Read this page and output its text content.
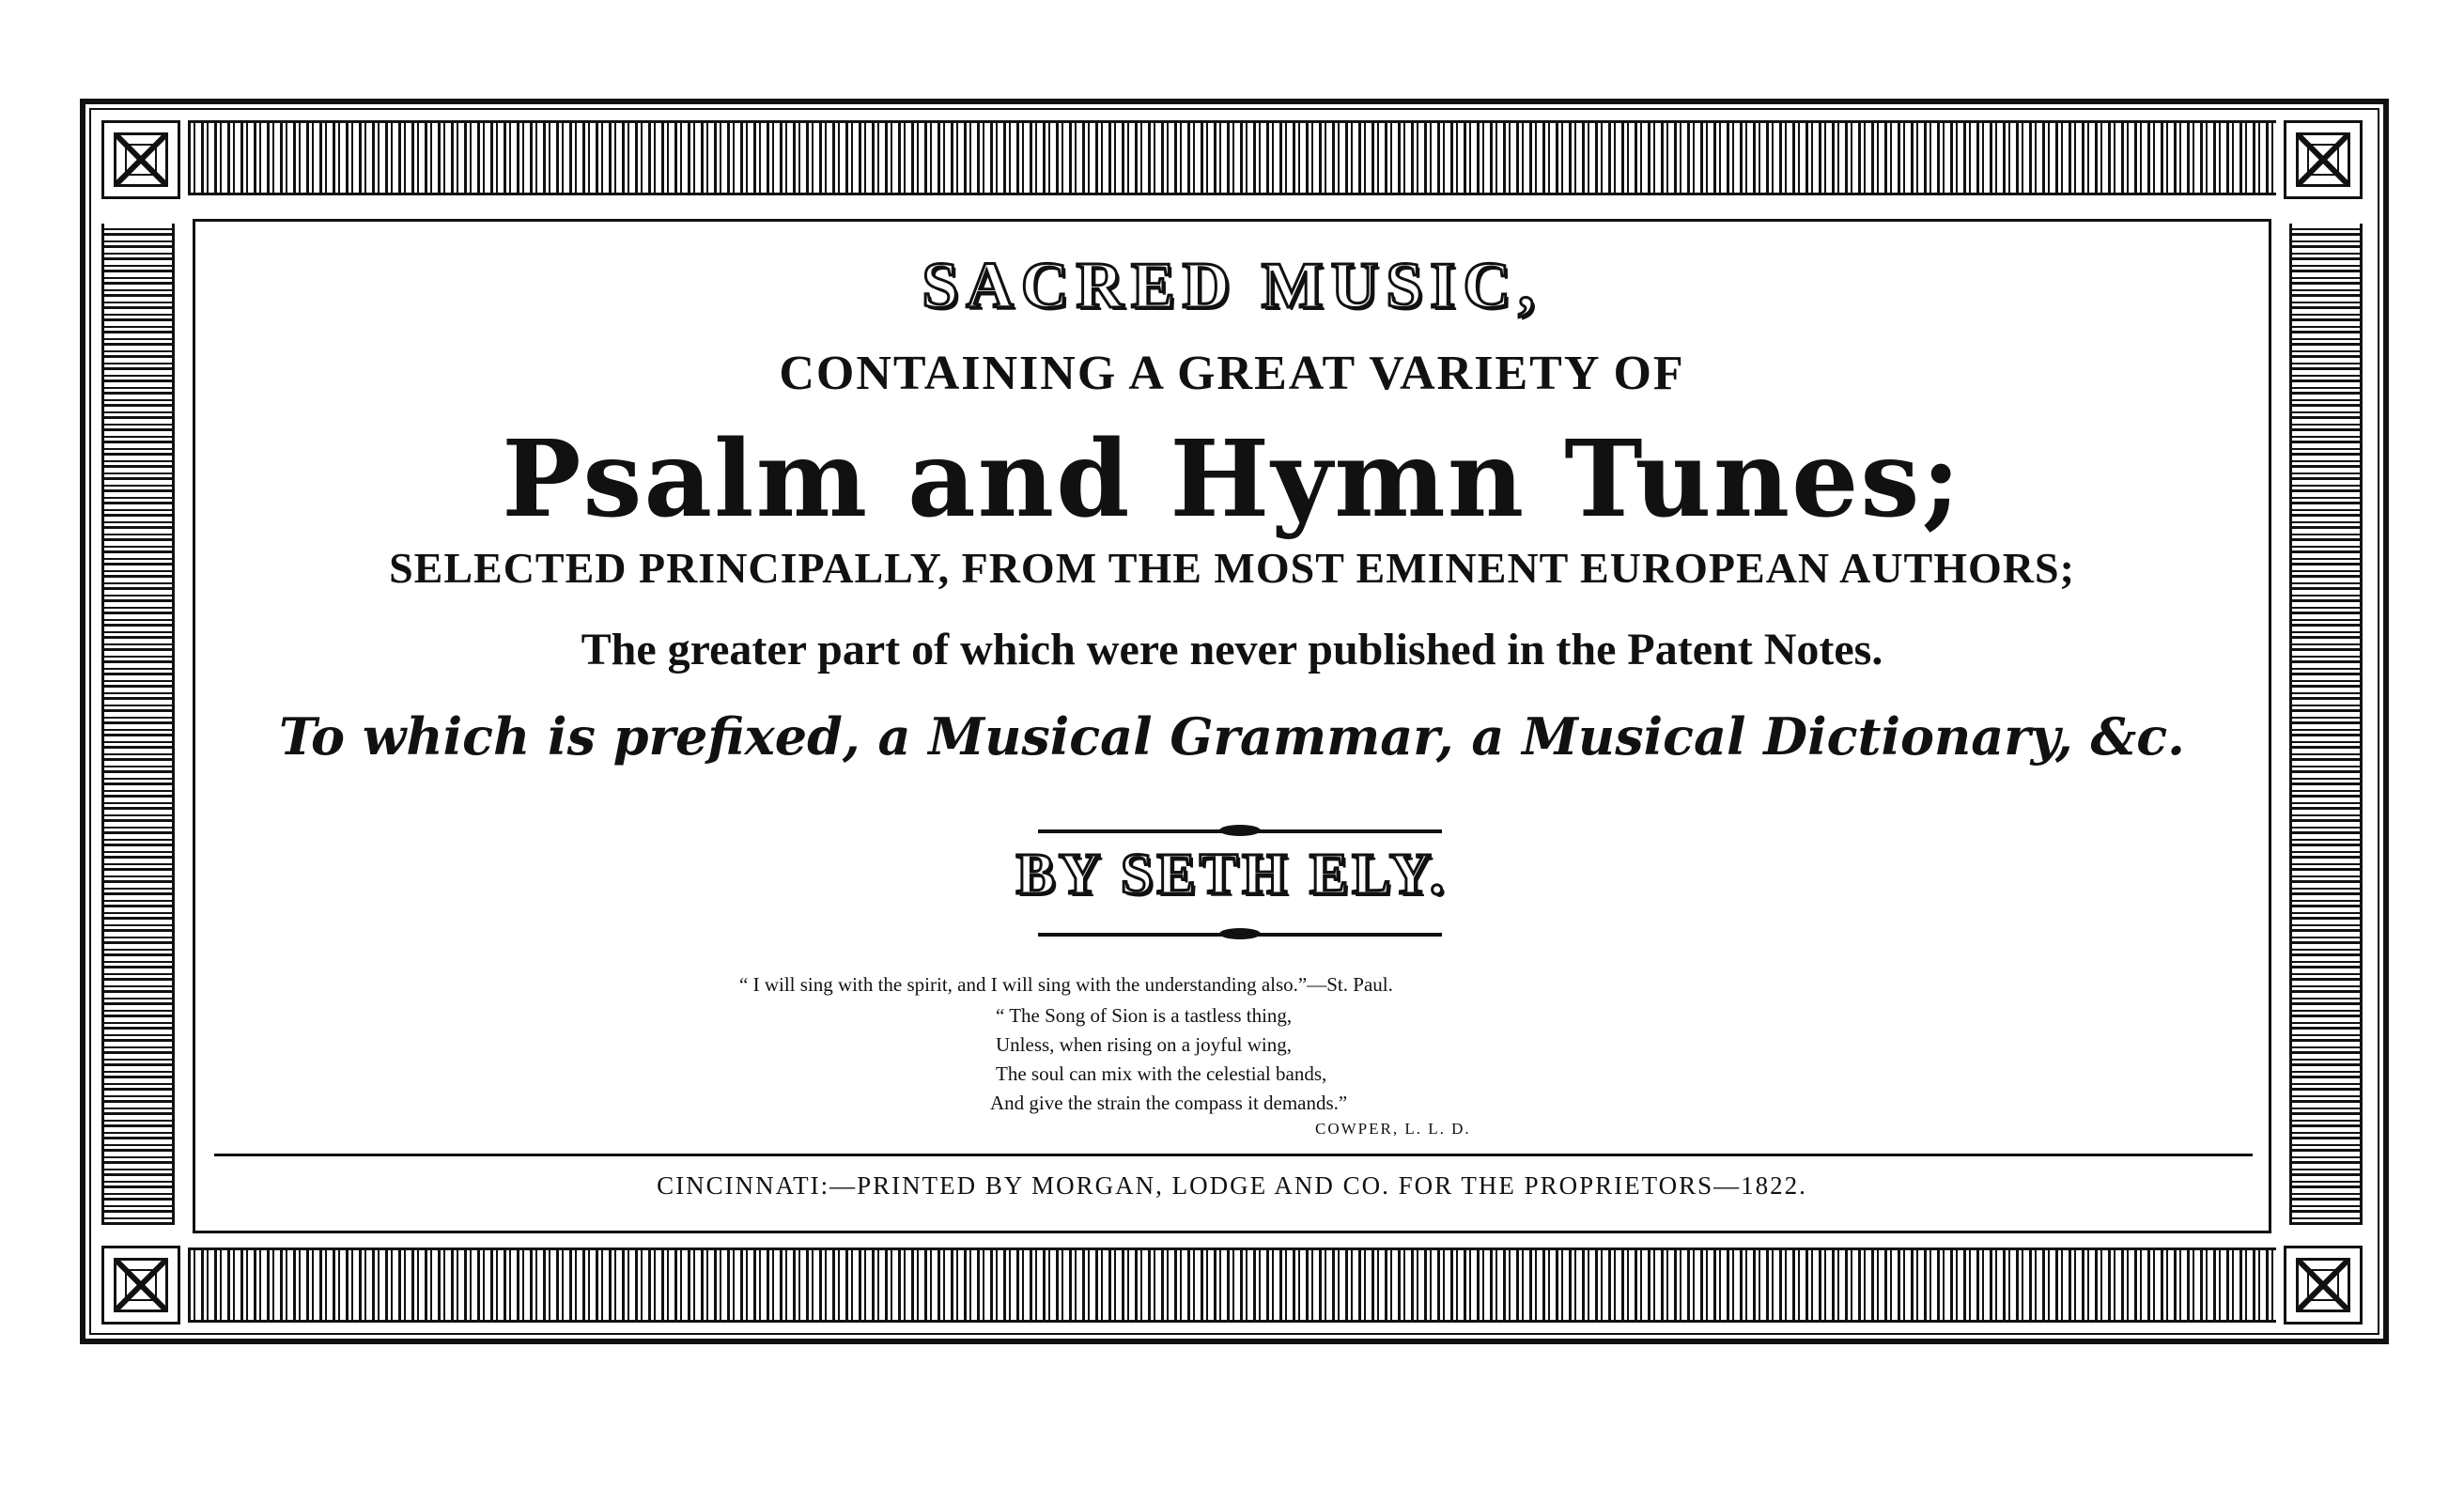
SACRED MUSIC,
CONTAINING A GREAT VARIETY OF
Psalm and Hymn Tunes;
SELECTED PRINCIPALLY, FROM THE MOST EMINENT EUROPEAN AUTHORS;
The greater part of which were never published in the Patent Notes.
To which is prefixed, a Musical Grammar, a Musical Dictionary, &c.
BY SETH ELY.
“ I will sing with the spirit, and I will sing with the understanding also.”—St. Paul.
“ The Song of Sion is a tastless thing,
Unless, when rising on a joyful wing,
The soul can mix with the celestial bands,
And give the strain the compass it demands.”
COWPER, L. L. D.
CINCINNATI:—PRINTED BY MORGAN, LODGE AND CO. FOR THE PROPRIETORS—1822.
